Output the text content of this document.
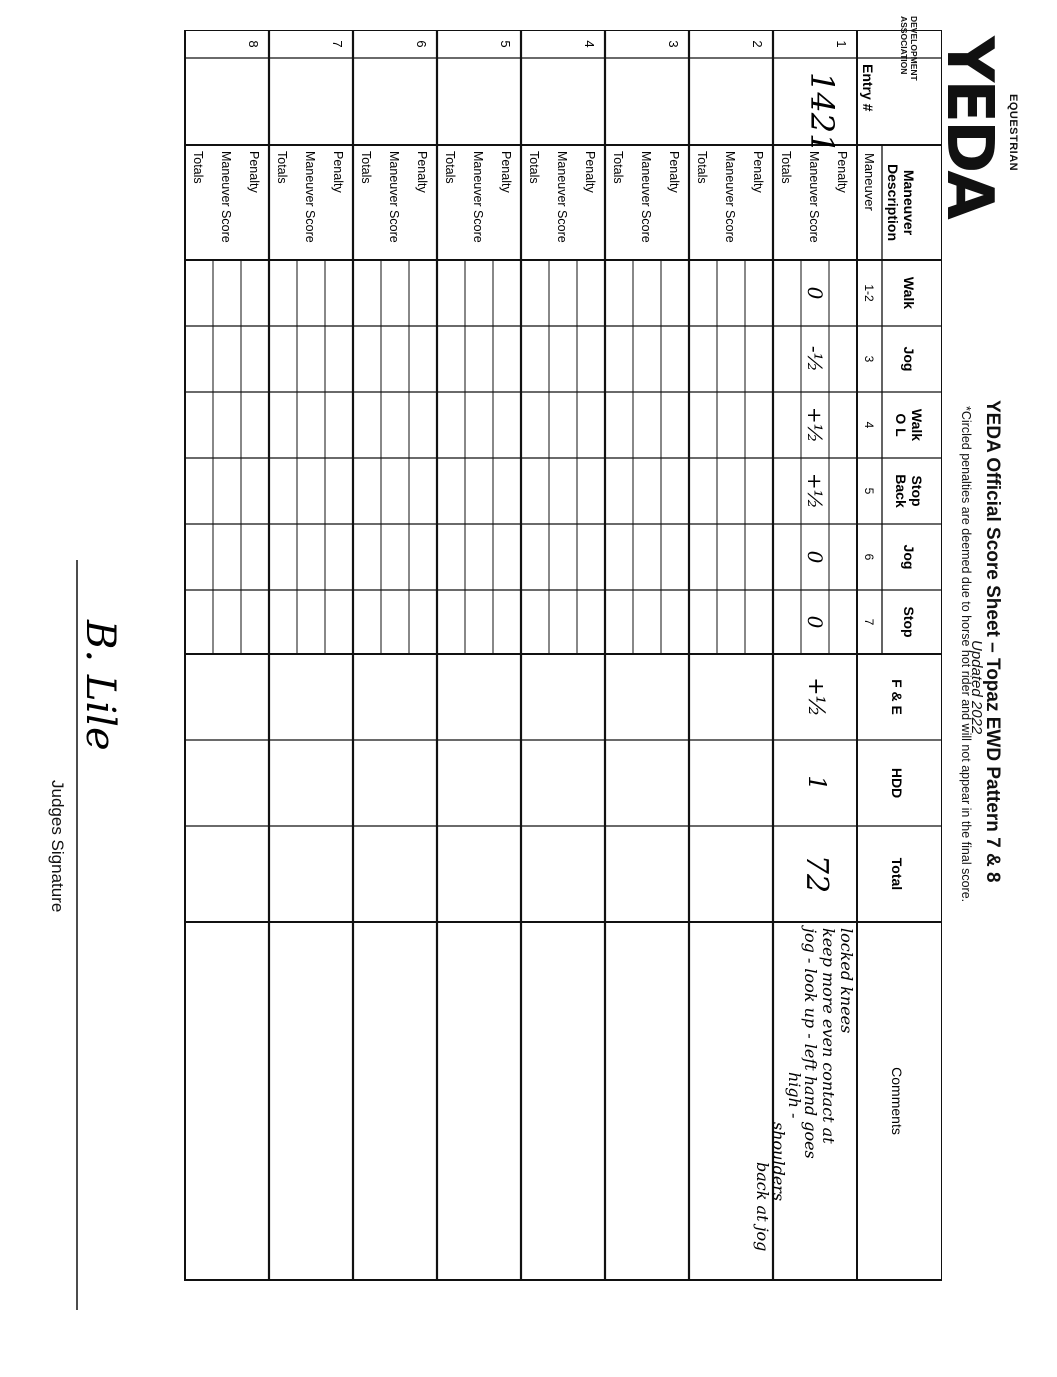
EQUESTRIAN
YEDA
DEVELOPMENT ASSOCIATION
YEDA Official Score Sheet – Topaz EWD Pattern 7 & 8
Updated 2022
*Circled penalties are deemed due to horse not rider and will not appear in the final score.
Maneuver
Description
Entry #
Maneuver
Walk
1-2
Jog
3
Walk
O L
4
Stop
Back
5
Jog
6
Stop
7
F & E
HDD
Total
Comments
1
Penalty
Maneuver Score
Totals
1421
0
-½
+½
+½
0
0
+½
1
72
locked knees
keep more even contact at
jog - look up - left hand goes
high -
shoulders
back at jog
2
Penalty
Maneuver Score
Totals
3
Penalty
Maneuver Score
Totals
4
Penalty
Maneuver Score
Totals
5
Penalty
Maneuver Score
Totals
6
Penalty
Maneuver Score
Totals
7
Penalty
Maneuver Score
Totals
8
Penalty
Maneuver Score
Totals
B. Lile
Judges Signature
